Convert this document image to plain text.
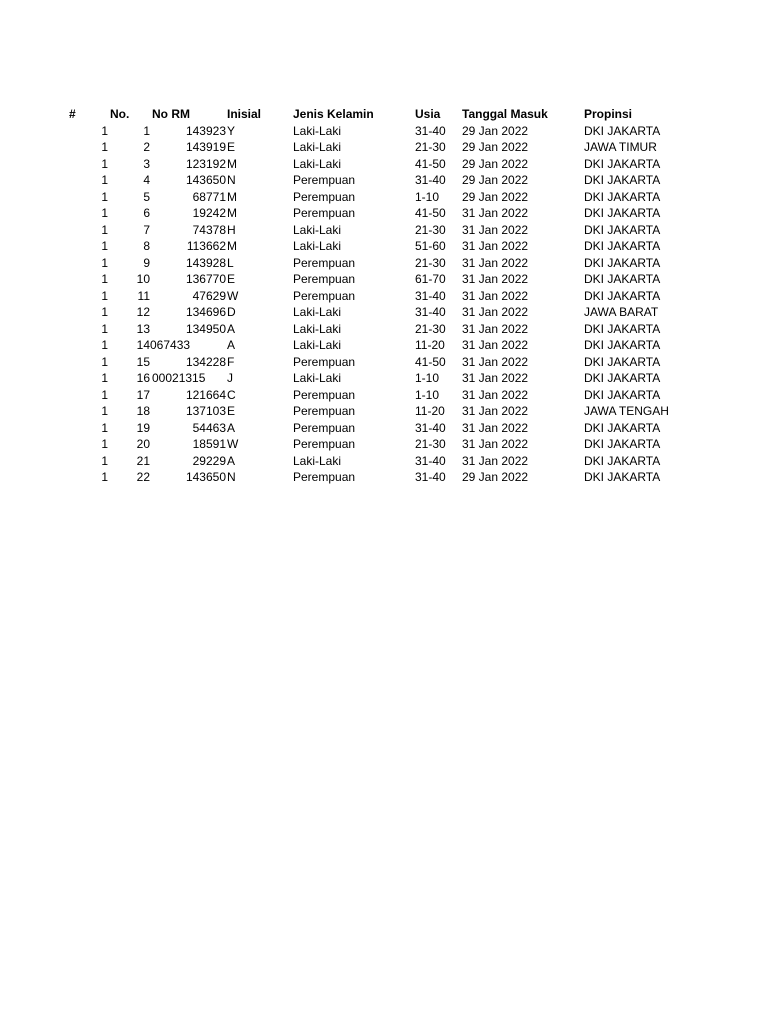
#	No. No RM	Inisial	Jenis Kelamin	Usia Tanggal Masuk	Propinsi
1	1	143923 Y	Laki-Laki	31-40 29 Jan 2022	DKI JAKARTA
1	2	143919 E	Laki-Laki	21-30 29 Jan 2022	JAWA TIMUR
1	3	123192 M	Laki-Laki	41-50 29 Jan 2022	DKI JAKARTA
1	4	143650 N	Perempuan	31-40 29 Jan 2022	DKI JAKARTA
1	5	68771 M	Perempuan	1-10 29 Jan 2022	DKI JAKARTA
1	6	19242 M	Perempuan	41-50 31 Jan 2022	DKI JAKARTA
1	7	74378 H	Laki-Laki	21-30 31 Jan 2022	DKI JAKARTA
1	8	113662 M	Laki-Laki	51-60 31 Jan 2022	DKI JAKARTA
1	9	143928 L	Perempuan	21-30 31 Jan 2022	DKI JAKARTA
1	10	136770 E	Perempuan	61-70 31 Jan 2022	DKI JAKARTA
1	11	47629 W	Perempuan	31-40 31 Jan 2022	DKI JAKARTA
1	12	134696 D	Laki-Laki	31-40 31 Jan 2022	JAWA BARAT
1	13	134950 A	Laki-Laki	21-30 31 Jan 2022	DKI JAKARTA
1	14 067433	A	Laki-Laki	11-20 31 Jan 2022	DKI JAKARTA
1	15	134228 F	Perempuan	41-50 31 Jan 2022	DKI JAKARTA
1	16 00021315 J	Laki-Laki	1-10 31 Jan 2022	DKI JAKARTA
1	17	121664 C	Perempuan	1-10 31 Jan 2022	DKI JAKARTA
1	18	137103 E	Perempuan	11-20 31 Jan 2022	JAWA TENGAH
1	19	54463 A	Perempuan	31-40 31 Jan 2022	DKI JAKARTA
1	20	18591 W	Perempuan	21-30 31 Jan 2022	DKI JAKARTA
1	21	29229 A	Laki-Laki	31-40 31 Jan 2022	DKI JAKARTA
1	22	143650 N	Perempuan	31-40 29 Jan 2022	DKI JAKARTA
